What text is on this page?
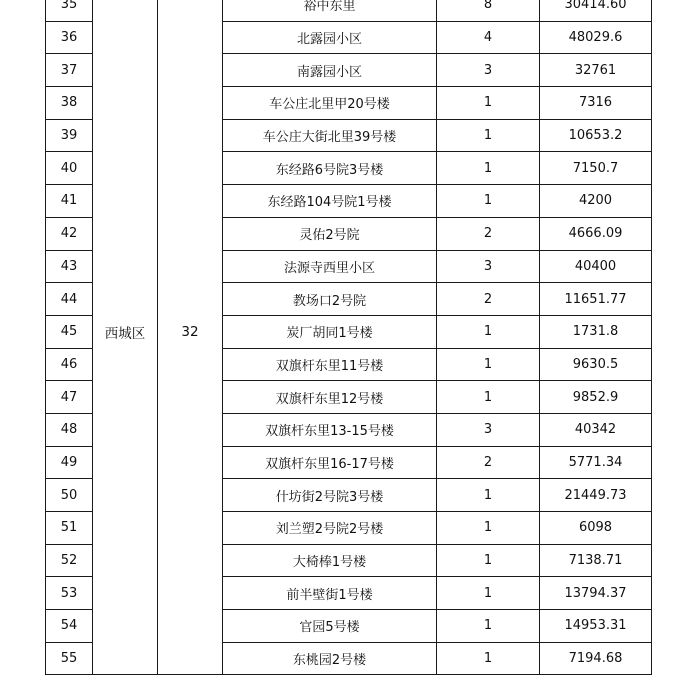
35	西城区	32	裕中东里	8	30414.60
36			北露园小区	4	48029.6
37			南露园小区	3	32761
38			车公庄北里甲20号楼	1	7316
39			车公庄大街北里39号楼	1	10653.2
40			东经路6号院3号楼	1	7150.7
41			东经路104号院1号楼	1	4200
42			灵佑2号院	2	4666.09
43			法源寺西里小区	3	40400
44			教场口2号院	2	11651.77
45			炭厂胡同1号楼	1	1731.8
46			双旗杆东里11号楼	1	9630.5
47			双旗杆东里12号楼	1	9852.9
48			双旗杆东里13-15号楼	3	40342
49			双旗杆东里16-17号楼	2	5771.34
50			什坊街2号院3号楼	1	21449.73
51			刘兰塑2号院2号楼	1	6098
52			大椅棒1号楼	1	7138.71
53			前半壁街1号楼	1	13794.37
54			官园5号楼	1	14953.31
55			东桃园2号楼	1	7194.68
